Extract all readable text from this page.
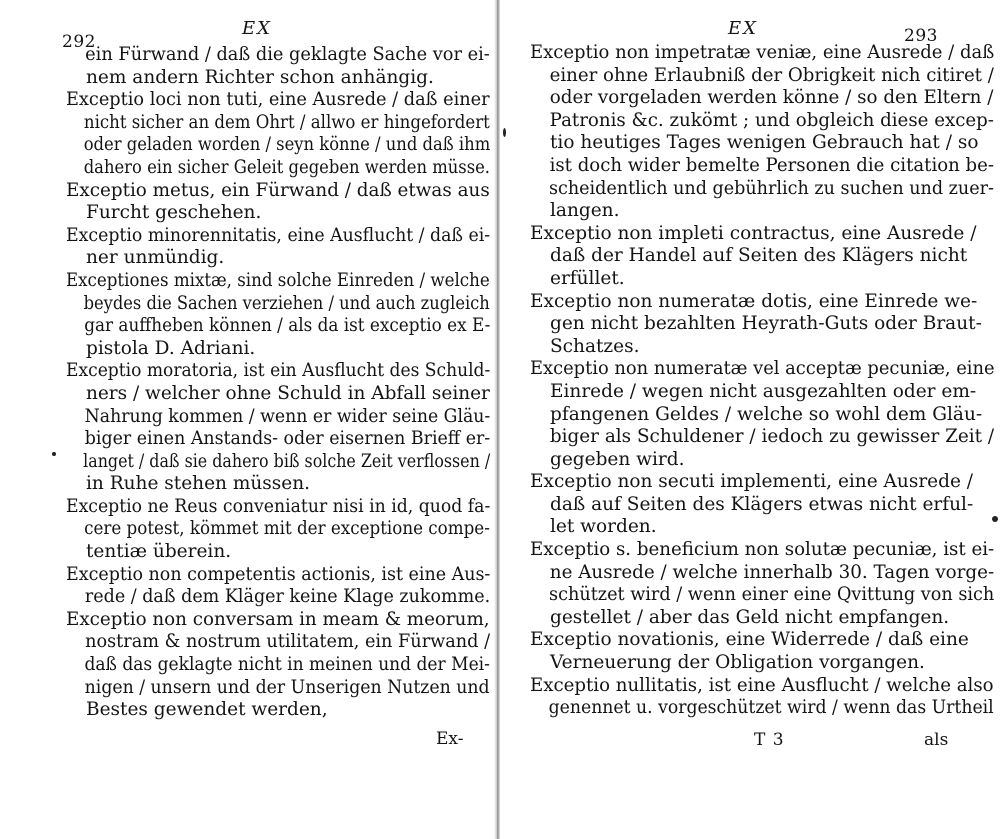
EX
292
ein Fürwand / daß die geklagte Sache vor ei-
nem andern Richter schon anhängig.
Exceptio loci non tuti, eine Ausrede / daß einer
nicht sicher an dem Ohrt / allwo er hingefordert
oder geladen worden / seyn könne / und daß ihm
dahero ein sicher Geleit gegeben werden müsse.
Exceptio metus, ein Fürwand / daß etwas aus
Furcht geschehen.
Exceptio minorennitatis, eine Ausflucht / daß ei-
ner unmündig.
Exceptiones mixtæ, sind solche Einreden / welche
beydes die Sachen verziehen / und auch zugleich
gar auffheben können / als da ist exceptio ex E-
pistola D. Adriani.
Exceptio moratoria, ist ein Ausflucht des Schuld-
ners / welcher ohne Schuld in Abfall seiner
Nahrung kommen / wenn er wider seine Gläu-
biger einen Anstands- oder eisernen Brieff er-
langet / daß sie dahero biß solche Zeit verflossen /
in Ruhe stehen müssen.
Exceptio ne Reus conveniatur nisi in id, quod fa-
cere potest, kömmet mit der exceptione compe-
tentiæ überein.
Exceptio non competentis actionis, ist eine Aus-
rede / daß dem Kläger keine Klage zukomme.
Exceptio non conversam in meam & meorum,
nostram & nostrum utilitatem, ein Fürwand /
daß das geklagte nicht in meinen und der Mei-
nigen / unsern und der Unserigen Nutzen und
Bestes gewendet werden,
Ex-
EX	293
Exceptio non impetratæ veniæ, eine Ausrede / daß
einer ohne Erlaubniß der Obrigkeit nich citiret /
oder vorgeladen werden könne / so den Eltern /
Patronis &c. zukömt ; und obgleich diese excep-
tio heutiges Tages wenigen Gebrauch hat / so
ist doch wider bemelte Personen die citation be-
scheidentlich und gebührlich zu suchen und zuer-
langen.
Exceptio non impleti contractus, eine Ausrede /
daß der Handel auf Seiten des Klägers nicht
erfüllet.
Exceptio non numeratæ dotis, eine Einrede we-
gen nicht bezahlten Heyrath-Guts oder Braut-
Schatzes.
Exceptio non numeratæ vel acceptæ pecuniæ, eine
Einrede / wegen nicht ausgezahlten oder em-
pfangenen Geldes / welche so wohl dem Gläu-
biger als Schuldener / iedoch zu gewisser Zeit /
gegeben wird.
Exceptio non secuti implementi, eine Ausrede /
daß auf Seiten des Klägers etwas nicht erful-
let worden.
Exceptio s. beneficium non solutæ pecuniæ, ist ei-
ne Ausrede / welche innerhalb 30. Tagen vorge-
schützet wird / wenn einer eine Qvittung von sich
gestellet / aber das Geld nicht empfangen.
Exceptio novationis, eine Widerrede / daß eine
Verneuerung der Obligation vorgangen.
Exceptio nullitatis, ist eine Ausflucht / welche also
genennet u. vorgeschützet wird / wenn das Urtheil
T 3	als
